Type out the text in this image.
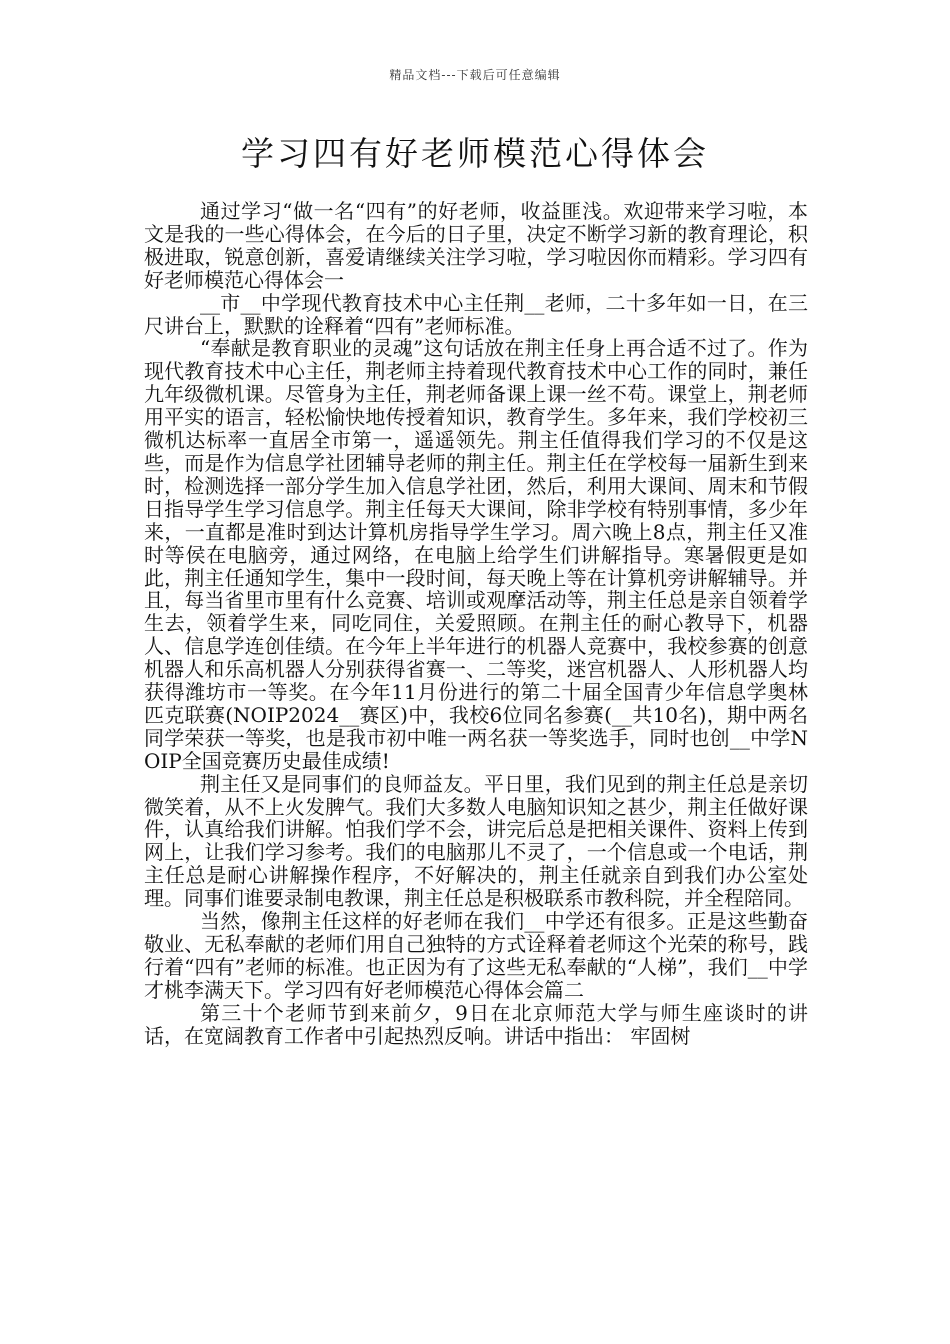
精品文档---下载后可任意编辑
学习四有好老师模范心得体会

通过学习“做一名“四有”的好老师，收益匪浅。欢迎带来学习啦，本文是我的一些心得体会，在今后的日子里，决定不断学习新的教育理论，积极进取，锐意创新，喜爱请继续关注学习啦，学习啦因你而精彩。学习四有好老师模范心得体会一

__市__中学现代教育技术中心主任荆__老师，二十多年如一日，在三尺讲台上，默默的诠释着“四有”老师标准。

“奉献是教育职业的灵魂”这句话放在荆主任身上再合适不过了。作为现代教育技术中心主任，荆老师主持着现代教育技术中心工作的同时，兼任九年级微机课。尽管身为主任，荆老师备课上课一丝不苟。课堂上，荆老师用平实的语言，轻松愉快地传授着知识，教育学生。多年来，我们学校初三微机达标率一直居全市第一，遥遥领先。荆主任值得我们学习的不仅是这些，而是作为信息学社团辅导老师的荆主任。荆主任在学校每一届新生到来时，检测选择一部分学生加入信息学社团，然后，利用大课间、周末和节假日指导学生学习信息学。荆主任每天大课间，除非学校有特别事情，多少年来，一直都是准时到达计算机房指导学生学习。周六晚上8点，荆主任又准时等侯在电脑旁，通过网络，在电脑上给学生们讲解指导。寒暑假更是如此，荆主任通知学生，集中一段时间，每天晚上等在计算机旁讲解辅导。并且，每当省里市里有什么竞赛、培训或观摩活动等，荆主任总是亲自领着学生去，领着学生来，同吃同住，关爱照顾。在荆主任的耐心教导下，机器人、信息学连创佳绩。在今年上半年进行的机器人竞赛中，我校参赛的创意机器人和乐高机器人分别获得省赛一、二等奖，迷宫机器人、人形机器人均获得潍坊市一等奖。在今年11月份进行的第二十届全国青少年信息学奥林匹克联赛(NOIP2024__赛区)中，我校6位同名参赛(__共10名)，期中两名同学荣获一等奖，也是我市初中唯一两名获一等奖选手，同时也创__中学NOIP全国竞赛历史最佳成绩!

荆主任又是同事们的良师益友。平日里，我们见到的荆主任总是亲切微笑着，从不上火发脾气。我们大多数人电脑知识知之甚少，荆主任做好课件，认真给我们讲解。怕我们学不会，讲完后总是把相关课件、资料上传到网上，让我们学习参考。我们的电脑那儿不灵了，一个信息或一个电话，荆主任总是耐心讲解操作程序，不好解决的，荆主任就亲自到我们办公室处理。同事们谁要录制电教课，荆主任总是积极联系市教科院，并全程陪同。

当然，像荆主任这样的好老师在我们__中学还有很多。正是这些勤奋敬业、无私奉献的老师们用自己独特的方式诠释着老师这个光荣的称号，践行着“四有”老师的标准。也正因为有了这些无私奉献的“人梯”，我们__中学才桃李满天下。学习四有好老师模范心得体会篇二

第三十个老师节到来前夕，9日在北京师范大学与师生座谈时的讲话，在宽阔教育工作者中引起热烈反响。讲话中指出： 牢固树
